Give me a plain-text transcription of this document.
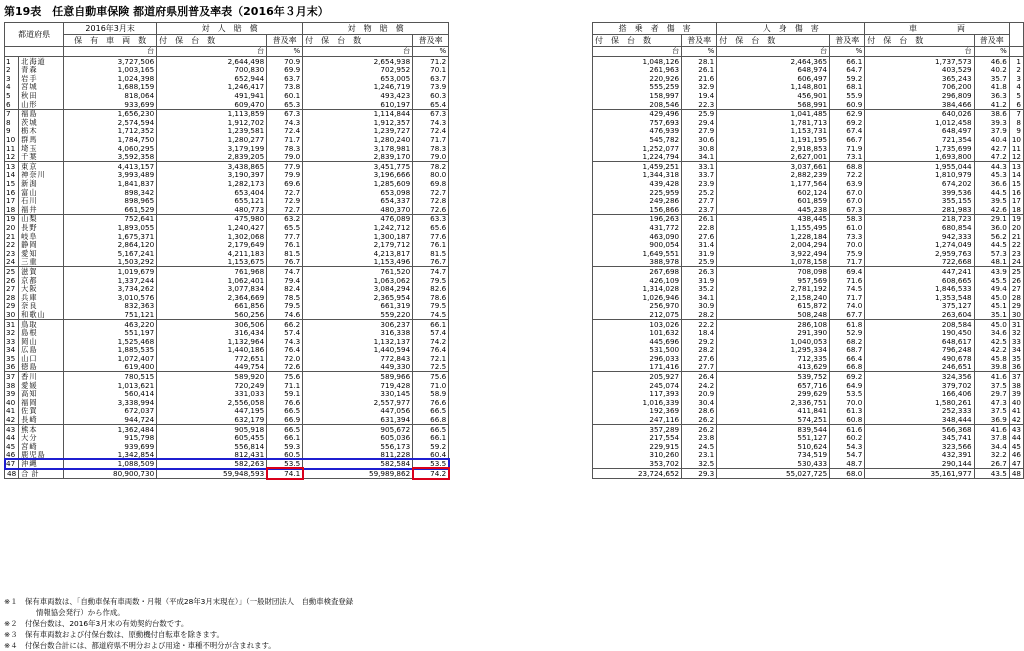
第19表　任意自動車保険 都道府県別普及率表（2016年３月末）
都道府県		2016年3月末	対　人　賠　償		対　物　賠　償	
		保　有　車　両　数	付　保　台　数	普及率	付　保　台　数	普及率
		台	台	%	台	%
1	北海道	3,727,506	2,644,498	70.9	2,654,938	71.2
2	青森	1,003,165	700,830	69.9	702,952	70.1
3	岩手	1,024,398	652,944	63.7	653,005	63.7
4	宮城	1,688,159	1,246,417	73.8	1,246,719	73.9
5	秋田	818,064	491,941	60.1	493,423	60.3
6	山形	933,699	609,470	65.3	610,197	65.4
7	福島	1,656,230	1,113,859	67.3	1,114,844	67.3
8	茨城	2,574,594	1,912,702	74.3	1,912,357	74.3
9	栃木	1,712,352	1,239,581	72.4	1,239,727	72.4
10	群馬	1,784,750	1,280,277	71.7	1,280,240	71.7
11	埼玉	4,060,295	3,179,199	78.3	3,178,981	78.3
12	千葉	3,592,358	2,839,205	79.0	2,839,170	79.0
13	東京	4,413,157	3,438,865	77.9	3,451,775	78.2
14	神奈川	3,993,489	3,190,397	79.9	3,196,666	80.0
15	新潟	1,841,837	1,282,173	69.6	1,285,609	69.8
16	富山	898,342	653,404	72.7	653,098	72.7
17	石川	898,965	655,121	72.9	654,337	72.8
18	福井	661,529	480,773	72.7	480,370	72.6
19	山梨	752,641	475,980	63.2	476,089	63.3
20	長野	1,893,055	1,240,427	65.5	1,242,712	65.6
21	岐阜	1,675,371	1,302,068	77.7	1,300,187	77.6
22	静岡	2,864,120	2,179,649	76.1	2,179,712	76.1
23	愛知	5,167,241	4,211,183	81.5	4,213,817	81.5
24	三重	1,503,292	1,153,675	76.7	1,153,496	76.7
25	滋賀	1,019,679	761,968	74.7	761,520	74.7
26	京都	1,337,244	1,062,401	79.4	1,063,062	79.5
27	大阪	3,734,262	3,077,834	82.4	3,084,294	82.6
28	兵庫	3,010,576	2,364,669	78.5	2,365,954	78.6
29	奈良	832,363	661,856	79.5	661,319	79.5
30	和歌山	751,121	560,256	74.6	559,220	74.5
31	鳥取	463,220	306,506	66.2	306,237	66.1
32	島根	551,197	316,434	57.4	316,338	57.4
33	岡山	1,525,468	1,132,964	74.3	1,132,137	74.2
34	広島	1,885,535	1,440,186	76.4	1,440,594	76.4
35	山口	1,072,407	772,651	72.0	772,843	72.1
36	徳島	619,400	449,754	72.6	449,330	72.5
37	香川	780,515	589,920	75.6	589,966	75.6
38	愛媛	1,013,621	720,249	71.1	719,428	71.0
39	高知	560,414	331,033	59.1	330,145	58.9
40	福岡	3,338,994	2,556,058	76.6	2,557,977	76.6
41	佐賀	672,037	447,195	66.5	447,056	66.5
42	長崎	944,724	632,179	66.9	631,394	66.8
43	熊本	1,362,484	905,918	66.5	905,672	66.5
44	大分	915,798	605,455	66.1	605,036	66.1
45	宮崎	939,699	556,814	59.3	556,173	59.2
46	鹿児島	1,342,854	812,431	60.5	811,228	60.4
47	沖縄	1,088,509	582,263	53.5	582,584	53.5
48	合計	80,900,730	59,948,593	74.1	59,989,862	74.2
搭　乗　者　傷　害		人　身　傷　害		車　　　　　両		
付　保　台　数	普及率	付　保　台　数	普及率	付　保　台　数	普及率	
台	%	台	%	台	%	
1,048,126	28.1	2,464,365	66.1	1,737,573	46.6	1
261,963	26.1	648,974	64.7	403,529	40.2	2
220,926	21.6	606,497	59.2	365,243	35.7	3
555,259	32.9	1,148,801	68.1	706,200	41.8	4
158,997	19.4	456,901	55.9	296,809	36.3	5
208,546	22.3	568,991	60.9	384,466	41.2	6
429,496	25.9	1,041,485	62.9	640,026	38.6	7
757,693	29.4	1,781,713	69.2	1,012,458	39.3	8
476,939	27.9	1,153,731	67.4	648,497	37.9	9
545,782	30.6	1,191,195	66.7	721,354	40.4	10
1,252,077	30.8	2,918,853	71.9	1,735,699	42.7	11
1,224,794	34.1	2,627,001	73.1	1,693,800	47.2	12
1,459,251	33.1	3,037,661	68.8	1,955,044	44.3	13
1,344,318	33.7	2,882,239	72.2	1,810,979	45.3	14
439,428	23.9	1,177,564	63.9	674,202	36.6	15
225,959	25.2	602,124	67.0	399,536	44.5	16
249,286	27.7	601,859	67.0	355,155	39.5	17
156,866	23.7	445,238	67.3	281,983	42.6	18
196,263	26.1	438,445	58.3	218,723	29.1	19
431,772	22.8	1,155,495	61.0	680,854	36.0	20
463,090	27.6	1,228,184	73.3	942,333	56.2	21
900,054	31.4	2,004,294	70.0	1,274,049	44.5	22
1,649,551	31.9	3,922,494	75.9	2,959,763	57.3	23
388,978	25.9	1,078,158	71.7	722,668	48.1	24
267,698	26.3	708,098	69.4	447,241	43.9	25
426,109	31.9	957,569	71.6	608,665	45.5	26
1,314,028	35.2	2,781,192	74.5	1,846,533	49.4	27
1,026,946	34.1	2,158,240	71.7	1,353,548	45.0	28
256,970	30.9	615,872	74.0	375,127	45.1	29
212,075	28.2	508,248	67.7	263,604	35.1	30
103,026	22.2	286,108	61.8	208,584	45.0	31
101,632	18.4	291,390	52.9	190,450	34.6	32
445,696	29.2	1,040,053	68.2	648,617	42.5	33
531,500	28.2	1,295,334	68.7	796,248	42.2	34
296,033	27.6	712,335	66.4	490,678	45.8	35
171,416	27.7	413,629	66.8	246,651	39.8	36
205,927	26.4	539,752	69.2	324,356	41.6	37
245,074	24.2	657,716	64.9	379,702	37.5	38
117,393	20.9	299,629	53.5	166,406	29.7	39
1,016,339	30.4	2,336,751	70.0	1,580,261	47.3	40
192,369	28.6	411,841	61.3	252,333	37.5	41
247,116	26.2	574,251	60.8	348,444	36.9	42
357,289	26.2	839,544	61.6	566,368	41.6	43
217,554	23.8	551,127	60.2	345,741	37.8	44
229,915	24.5	510,624	54.3	323,566	34.4	45
310,260	23.1	734,519	54.7	432,391	32.2	46
353,702	32.5	530,433	48.7	290,144	26.7	47
23,724,652	29.3	55,027,725	68.0	35,161,977	43.5	48
※１　保有車両数は、「自動車保有車両数・月報（平成28年3月末現在）」（一般財団法人　自動車検査登録
情報協会発行）から作成。
※２　付保台数は、2016年3月末の有効契約台数です。
※３　保有車両数および付保台数は、原動機付自転車を除きます。
※４　付保台数合計には、都道府県不明分および用途・車種不明分が含まれます。
